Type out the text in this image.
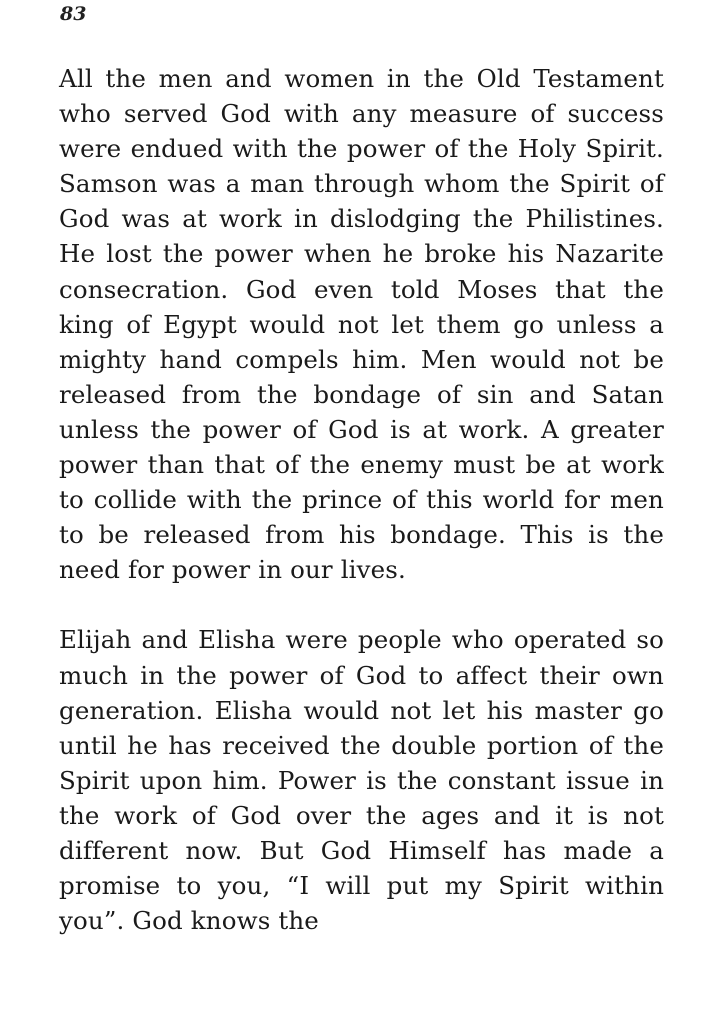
83

All the men and women in the Old Testament who served God with any measure of success were endued with the power of the Holy Spirit. Samson was a man through whom the Spirit of God was at work in dislodging the Philistines. He lost the power when he broke his Nazarite consecration. God even told Moses that the king of Egypt would not let them go unless a mighty hand compels him. Men would not be released from the bondage of sin and Satan unless the power of God is at work. A greater power than that of the enemy must be at work to collide with the prince of this world for men to be released from his bondage. This is the need for power in our lives.

Elijah and Elisha were people who operated so much in the power of God to affect their own generation. Elisha would not let his master go until he has received the double portion of the Spirit upon him. Power is the constant issue in the work of God over the ages and it is not different now. But God Himself has made a promise to you, “I will put my Spirit within you”. God knows the
